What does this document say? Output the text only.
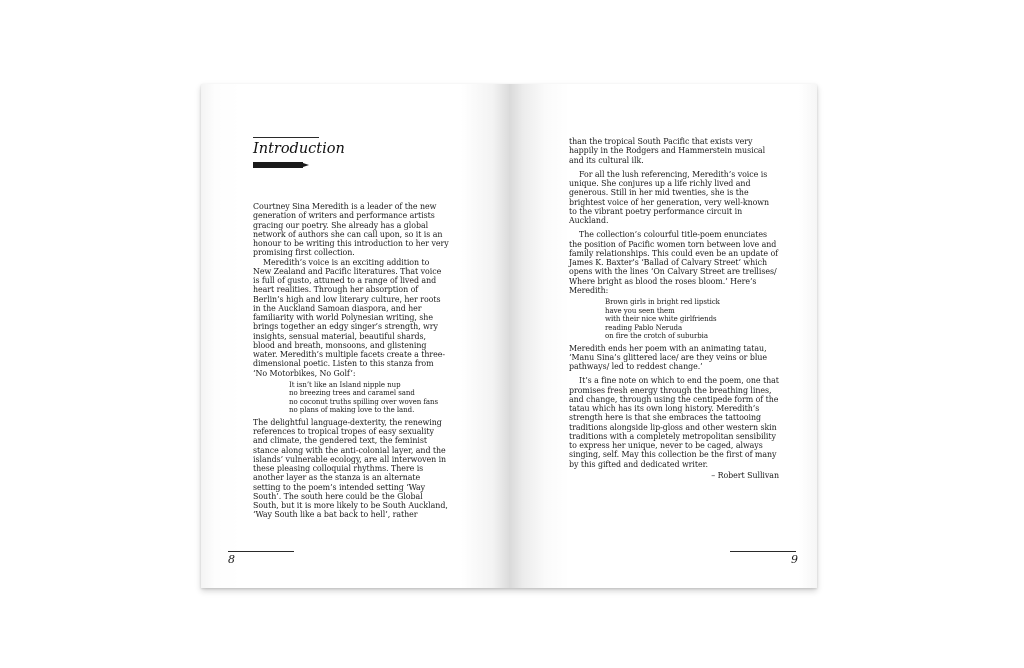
Introduction

Courtney Sina Meredith is a leader of the new generation of writers and performance artists gracing our poetry. She already has a global network of authors she can call upon, so it is an honour to be writing this introduction to her very promising first collection.

Meredith’s voice is an exciting addition to New Zealand and Pacific literatures. That voice is full of gusto, attuned to a range of lived and heart realities. Through her absorption of Berlin’s high and low literary culture, her roots in the Auckland Samoan diaspora, and her familiarity with world Polynesian writing, she brings together an edgy singer’s strength, wry insights, sensual material, beautiful shards, blood and breath, monsoons, and glistening water. Meredith’s multiple facets create a three-dimensional poetic. Listen to this stanza from ‘No Motorbikes, No Golf’:

It isn’t like an Island nipple nup
no breezing trees and caramel sand
no coconut truths spilling over woven fans
no plans of making love to the land.

The delightful language-dexterity, the renewing references to tropical tropes of easy sexuality and climate, the gendered text, the feminist stance along with the anti-colonial layer, and the islands’ vulnerable ecology, are all interwoven in these pleasing colloquial rhythms. There is another layer as the stanza is an alternate setting to the poem’s intended setting ‘Way South’. The south here could be the Global South, but it is more likely to be South Auckland, ‘Way South like a bat back to hell’, rather

8

than the tropical South Pacific that exists very happily in the Rodgers and Hammerstein musical and its cultural ilk.

For all the lush referencing, Meredith’s voice is unique. She conjures up a life richly lived and generous. Still in her mid twenties, she is the brightest voice of her generation, very well-known to the vibrant poetry performance circuit in Auckland.

The collection’s colourful title-poem enunciates the position of Pacific women torn between love and family relationships. This could even be an update of James K. Baxter’s ‘Ballad of Calvary Street’ which opens with the lines ‘On Calvary Street are trellises/ Where bright as blood the roses bloom.’ Here’s Meredith:

Brown girls in bright red lipstick
have you seen them
with their nice white girlfriends
reading Pablo Neruda
on fire the crotch of suburbia

Meredith ends her poem with an animating tatau, ‘Manu Sina’s glittered lace/ are they veins or blue pathways/ led to reddest change.’

It’s a fine note on which to end the poem, one that promises fresh energy through the breathing lines, and change, through using the centipede form of the tatau which has its own long history. Meredith’s strength here is that she embraces the tattooing traditions alongside lip-gloss and other western skin traditions with a completely metropolitan sensibility to express her unique, never to be caged, always singing, self. May this collection be the first of many by this gifted and dedicated writer.

– Robert Sullivan

9
